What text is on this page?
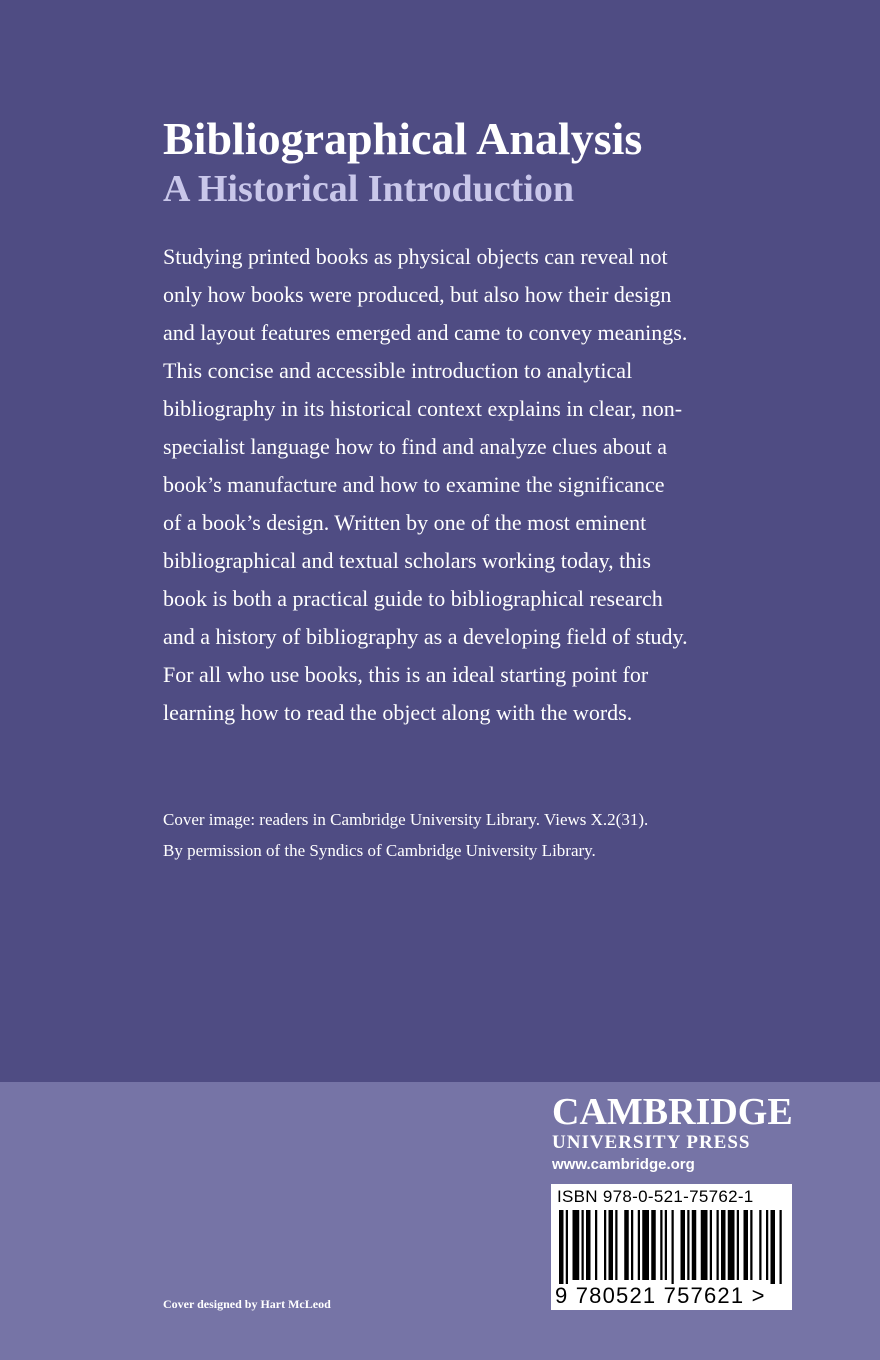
Bibliographical Analysis
A Historical Introduction
Studying printed books as physical objects can reveal not
only how books were produced, but also how their design
and layout features emerged and came to convey meanings.
This concise and accessible introduction to analytical
bibliography in its historical context explains in clear, non-
specialist language how to find and analyze clues about a
book’s manufacture and how to examine the significance
of a book’s design. Written by one of the most eminent
bibliographical and textual scholars working today, this
book is both a practical guide to bibliographical research
and a history of bibliography as a developing field of study.
For all who use books, this is an ideal starting point for
learning how to read the object along with the words.
Cover image: readers in Cambridge University Library. Views X.2(31).
By permission of the Syndics of Cambridge University Library.
Cover designed by Hart McLeod
CAMBRIDGE
UNIVERSITY PRESS
www.cambridge.org
ISBN 978-0-521-75762-1
9 780521 757621 >
